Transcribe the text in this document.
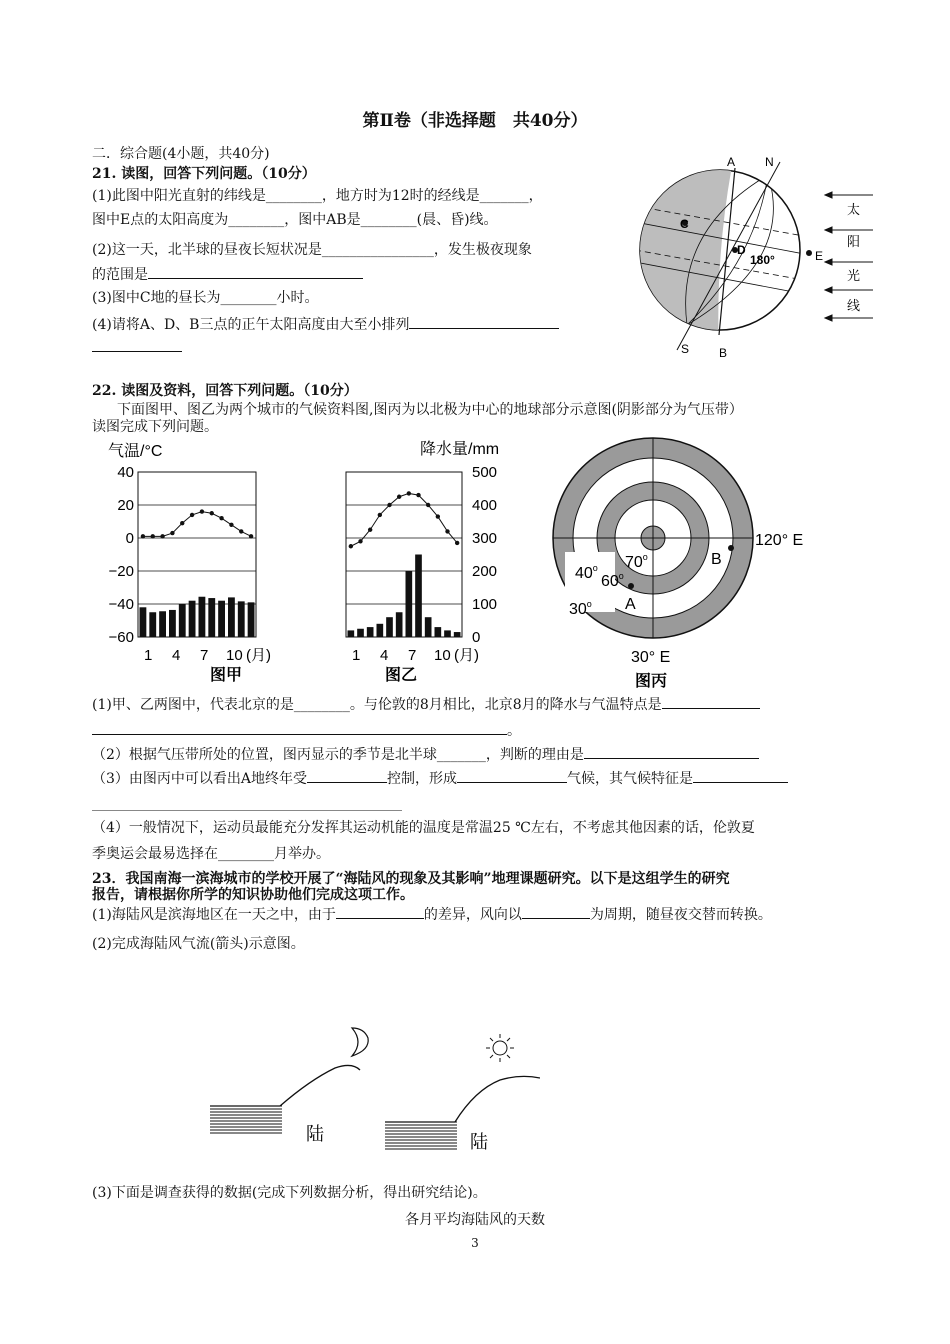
第Ⅱ卷（非选择题　共40分）
二．综合题(4小题，共40分)
21. 读图，回答下列问题。（10分）
(1)此图中阳光直射的纬线是________，地方时为12时的经线是_______，
图中E点的太阳高度为________，图中AB是________(晨、昏)线。
(2)这一天，北半球的昼夜长短状况是________________，发生极夜现象
的范围是
(3)图中C地的昼长为________小时。
(4)请将A、D、B三点的正午太阳高度由大至小排列
A N
C
D
180°	E
S B
太
阳
光
线
22. 读图及资料，回答下列问题。（10分）
下面图甲、图乙为两个城市的气候资料图,图丙为以北极为中心的地球部分示意图(阴影部分为气压带）
读图完成下列问题。
气温/°C	降水量/mm
1 4 7 10 (月)	1 4 7 10 (月)
40
20
0
−20
−40
−60
500
400
300
200
100
0
图甲	图乙
70$^o$
60$^o$
40$^o$
30$^o$ A
B
120° E
30° E
图丙
(1)甲、乙两图中，代表北京的是________。与伦敦的8月相比，北京8月的降水与气温特点是
。
（2）根据气压带所处的位置，图丙显示的季节是北半球_______，判断的理由是
（3）由图丙中可以看出A地终年受	控制，形成	气候，其气候特征是
（4）一般情况下，运动员最能充分发挥其运动机能的温度是常温25 ℃左右，不考虑其他因素的话，伦敦夏
季奥运会最易选择在________月举办。
23．我国南海一滨海城市的学校开展了“海陆风的现象及其影响”地理课题研究。以下是这组学生的研究
报告，请根据你所学的知识协助他们完成这项工作。
(1)海陆风是滨海地区在一天之中，由于	的差异，风向以	为周期，随昼夜交替而转换。
(2)完成海陆风气流(箭头)示意图。
陆	陆
(3)下面是调查获得的数据(完成下列数据分析，得出研究结论)。
各月平均海陆风的天数
3
